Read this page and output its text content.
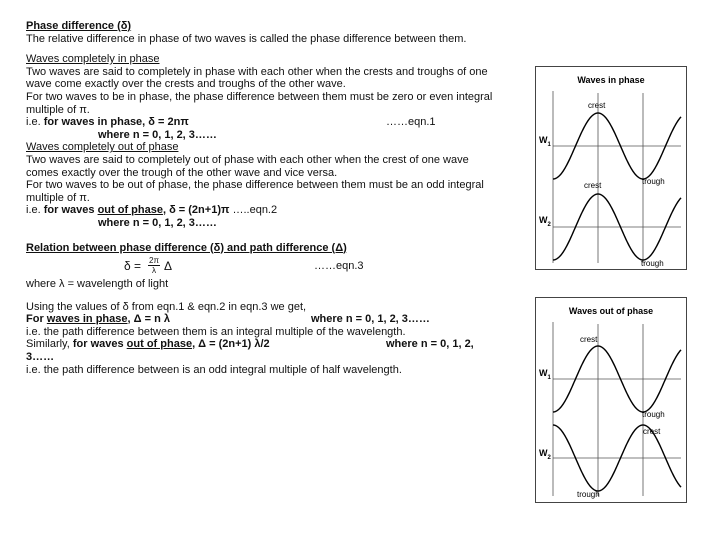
Phase difference (δ)

The relative difference in phase of two waves is called the phase difference between them.

Waves completely in phase

Two waves are said to completely in phase with each other when the crests and troughs of one wave come exactly over the crests and troughs of the other wave.

For two waves to be in phase, the phase difference between them must be zero or even integral multiple of π.

i.e. for waves in phase, δ = 2nπ	……eqn.1

where n = 0, 1, 2, 3……

Waves completely out of phase

Two waves are said to completely out of phase with each other when the crest of one wave comes exactly over the trough of the other wave and vice versa.

For two waves to be out of phase, the phase difference between them must be an odd integral multiple of π.

i.e. for waves out of phase, δ = (2n+1)π …..eqn.2

where n = 0, 1, 2, 3……

Relation between phase difference (δ) and path difference (Δ)

$\delta = \frac{2\pi}{\lambda}$ Δ	……eqn.3

where λ = wavelength of light

Using the values of δ from eqn.1 & eqn.2 in eqn.3 we get,

For waves in phase, Δ = n λ	where n = 0, 1, 2, 3……

i.e. the path difference between them is an integral multiple of the wavelength.

Similarly, for waves out of phase, Δ = (2n+1) λ/2	where n = 0, 1, 2,

3……

i.e. the path difference between is an odd integral multiple of half wavelength.

Waves in phase
crest
crest	trough
trough
$W_1$
$W_2$
Waves out of phase
crest
trough
crest
trough
$W_1$
$W_2$
